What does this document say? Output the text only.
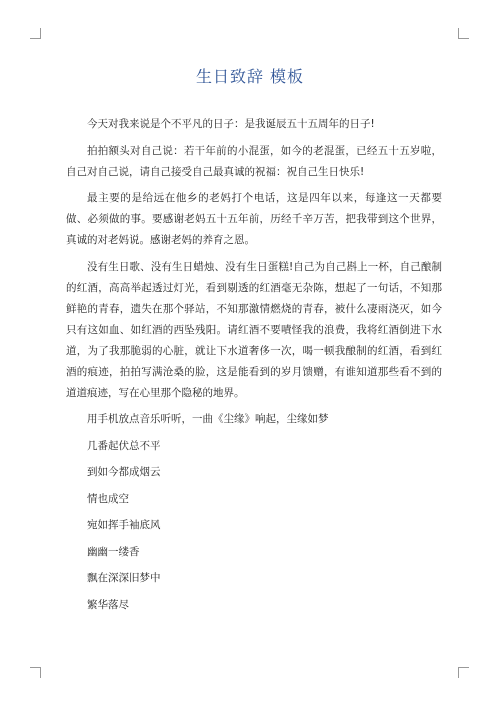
生日致辞 模板

今天对我来说是个不平凡的日子：是我诞辰五十五周年的日子!

拍拍额头对自己说：若干年前的小混蛋，如今的老混蛋，已经五十五岁啦，自己对自己说，请自己接受自己最真诚的祝福：祝自己生日快乐!

最主要的是给远在他乡的老妈打个电话，这是四年以来，每逢这一天都要做、必须做的事。要感谢老妈五十五年前，历经千辛万苦，把我带到这个世界，真诚的对老妈说。感谢老妈的养育之恩。

没有生日歌、没有生日蜡烛、没有生日蛋糕!自己为自己斟上一杯，自己酿制的红酒，高高举起透过灯光，看到剔透的红酒毫无杂陈，想起了一句话，不知那鲜艳的青春，遗失在那个驿站，不知那激情燃烧的青春，被什么凄雨浇灭，如今只有这如血、如红酒的西坠残阳。请红酒不要嘖怪我的浪费，我将红酒倒进下水道，为了我那脆弱的心脏，就让下水道奢侈一次，喝一顿我酿制的红酒，看到红酒的痕迹，拍拍写满沧桑的脸，这是能看到的岁月馈赠，有谁知道那些看不到的道道痕迹，写在心里那个隐秘的地界。

用手机放点音乐听听，一曲《尘缘》响起，尘缘如梦

几番起伏总不平

到如今都成烟云

情也成空

宛如挥手袖底风

幽幽一缕香

飘在深深旧梦中

繁华落尽
